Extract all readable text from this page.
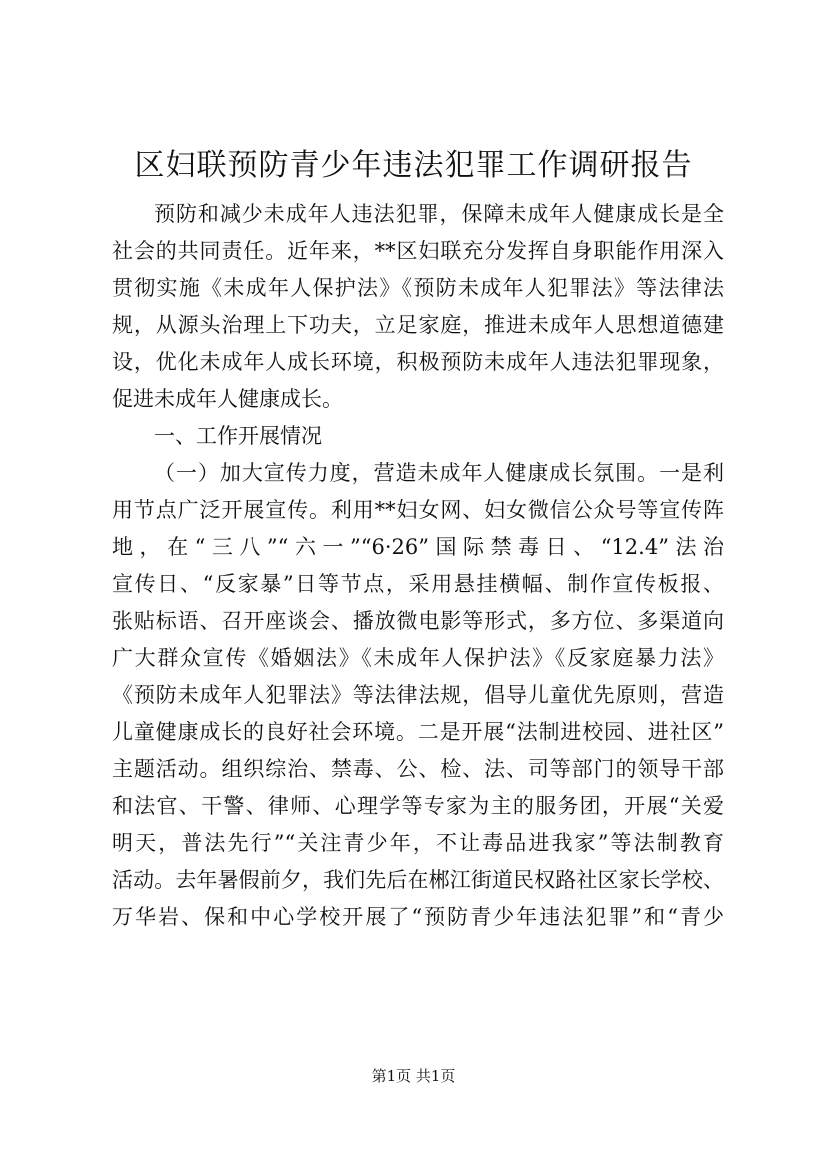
区妇联预防青少年违法犯罪工作调研报告
预防和减少未成年人违法犯罪，保障未成年人健康成长是全
社会的共同责任。近年来，**区妇联充分发挥自身职能作用深入
贯彻实施《未成年人保护法》《预防未成年人犯罪法》等法律法
规，从源头治理上下功夫，立足家庭，推进未成年人思想道德建
设，优化未成年人成长环境，积极预防未成年人违法犯罪现象，
促进未成年人健康成长。
一、工作开展情况
（一）加大宣传力度，营造未成年人健康成长氛围。一是利
用节点广泛开展宣传。利用**妇女网、妇女微信公众号等宣传阵
地，在“三八”“六一”“6·26”国际禁毒日、“12.4”法治
宣传日、“反家暴”日等节点，采用悬挂横幅、制作宣传板报、
张贴标语、召开座谈会、播放微电影等形式，多方位、多渠道向
广大群众宣传《婚姻法》《未成年人保护法》《反家庭暴力法》
《预防未成年人犯罪法》等法律法规，倡导儿童优先原则，营造
儿童健康成长的良好社会环境。二是开展“法制进校园、进社区”
主题活动。组织综治、禁毒、公、检、法、司等部门的领导干部
和法官、干警、律师、心理学等专家为主的服务团，开展“关爱
明天，普法先行”“关注青少年，不让毒品进我家”等法制教育
活动。去年暑假前夕，我们先后在郴江街道民权路社区家长学校、
万华岩、保和中心学校开展了“预防青少年违法犯罪”和“青少
第1页 共1页
